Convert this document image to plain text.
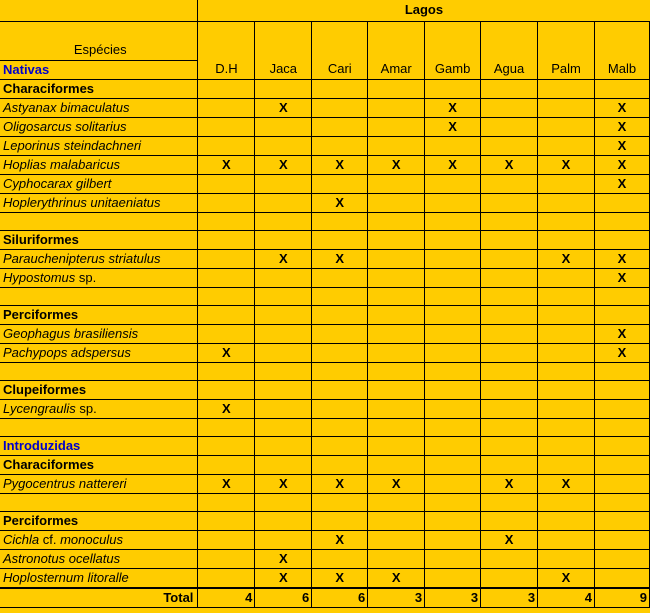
	Lagos							
Espécies	D.H	Jaca	Cari	Amar	Gamb	Agua	Palm	Malb
Nativas								
Characiformes								
Astyanax bimaculatus		X			X			X
Oligosarcus solitarius					X			X
Leporinus steindachneri								X
Hoplias malabaricus	X	X	X	X	X	X	X	X
Cyphocarax gilbert								X
Hoplerythrinus unitaeniatus			X					

Siluriformes								
Parauchenipterus striatulus		X	X				X	X
Hypostomus sp.								X

Perciformes								
Geophagus brasiliensis								X
Pachypops adspersus	X							X

Clupeiformes								
Lycengraulis sp.	X							

Introduzidas								
Characiformes								
Pygocentrus nattereri	X	X	X	X		X	X	

Perciformes								
Cichla cf. monoculus			X			X		
Astronotus ocellatus		X						
Hoplosternum litoralle		X	X	X			X	
Total	4	6	6	3	3	3	4	9
